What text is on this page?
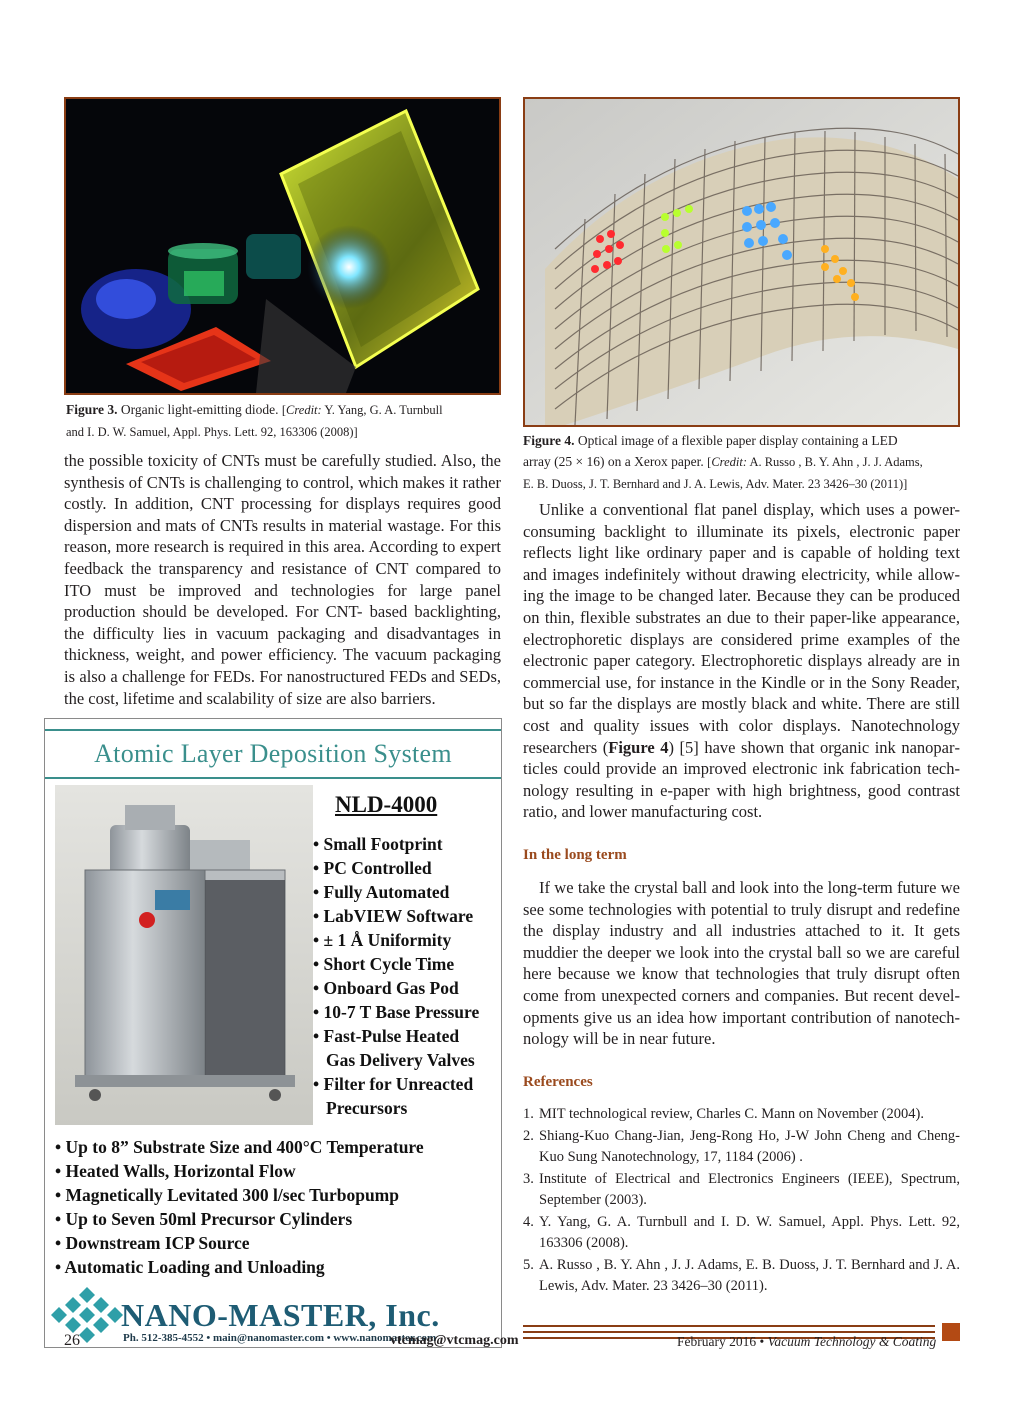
Figure 3. Organic light-emitting diode. [Credit: Y. Yang, G. A. Turnbull
and I. D. W. Samuel, Appl. Phys. Lett. 92, 163306 (2008)]
Figure 4. Optical image of a flexible paper display containing a LED
array (25 × 16) on a Xerox paper. [Credit: A. Russo , B. Y. Ahn , J. J. Adams,
E. B. Duoss, J. T. Bernhard and J. A. Lewis, Adv. Mater. 23 3426–30 (2011)]

the possible toxicity of CNTs must be carefully studied. Also, the synthesis of CNTs is challenging to control, which makes it rather costly. In addition, CNT processing for displays requires good dispersion and mats of CNTs results in material wastage. For this reason, more research is required in this area. According to expert feedback the transparency and resistance of CNT compared to ITO must be improved and technologies for large panel production should be developed. For CNT- based backlighting, the difficulty lies in vacuum packaging and disadvantages in thickness, weight, and power efficiency. The vacuum packaging is also a challenge for FEDs. For nanostructured FEDs and SEDs, the cost, lifetime and scalability of size are also barriers.

Unlike a conventional flat panel display, which uses a power-consuming backlight to illuminate its pixels, electronic paper reflects light like ordinary paper and is capable of holding text and images indefinitely without drawing electricity, while allowing the image to be changed later. Because they can be produced on thin, flexible substrates an due to their paper-like appearance, electrophoretic displays are considered prime examples of the electronic paper category. Electrophoretic displays already are in commercial use, for instance in the Kindle or in the Sony Reader, but so far the displays are mostly black and white. There are still cost and quality issues with color displays. Nanotechnology researchers (Figure 4) [5] have shown that organic ink nanoparticles could provide an improved electronic ink fabrication technology resulting in e-paper with high brightness, good contrast ratio, and lower manufacturing cost.

In the long term

If we take the crystal ball and look into the long-term future we see some technologies with potential to truly disrupt and redefine the display industry and all industries attached to it. It gets muddier the deeper we look into the crystal ball so we are careful here because we know that technologies that truly disrupt often come from unexpected corners and companies. But recent developments give us an idea how important contribution of nanotechnology will be in near future.

References
1. MIT technological review, Charles C. Mann on November (2004).
2. Shiang-Kuo Chang-Jian, Jeng-Rong Ho, J-W John Cheng and Cheng-Kuo Sung Nanotechnology, 17, 1184 (2006) .
3. Institute of Electrical and Electronics Engineers (IEEE), Spectrum, September (2003).
4. Y. Yang, G. A. Turnbull and I. D. W. Samuel, Appl. Phys. Lett. 92, 163306 (2008).
5. A. Russo , B. Y. Ahn , J. J. Adams, E. B. Duoss, J. T. Bernhard and J. A. Lewis, Adv. Mater. 23 3426–30 (2011).
Atomic Layer Deposition System
NLD-4000
• Small Footprint
• PC Controlled
• Fully Automated
• LabVIEW Software
• ± 1 Å Uniformity
• Short Cycle Time
• Onboard Gas Pod
• 10-7 T Base Pressure
• Fast-Pulse Heated
Gas Delivery Valves
• Filter for Unreacted
Precursors
• Up to 8” Substrate Size and 400°C Temperature
• Heated Walls, Horizontal Flow
• Magnetically Levitated 300 l/sec Turbopump
• Up to Seven 50ml Precursor Cylinders
• Downstream ICP Source
• Automatic Loading and Unloading
NANO-MASTER, Inc.
Ph. 512-385-4552 • main@nanomaster.com • www.nanomaster.com
26	vtcmag@vtcmag.com	February 2016 • Vacuum Technology & Coating
